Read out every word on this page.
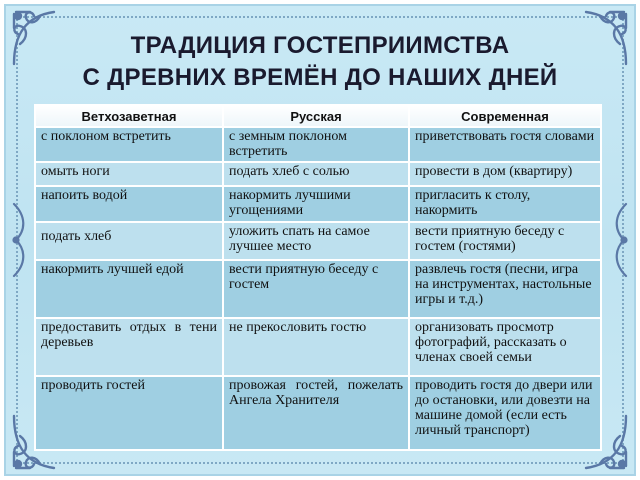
ТРАДИЦИЯ ГОСТЕПРИИМСТВА
С ДРЕВНИХ ВРЕМЁН ДО НАШИХ ДНЕЙ
Ветхозаветная	Русская	Современная
с поклоном встретить	с земным поклоном встретить	приветствовать гостя словами
омыть ноги	подать хлеб с солью	провести в дом (квартиру)
напоить водой	накормить лучшими угощениями	пригласить к столу, накормить
подать хлеб	уложить спать на самое лучшее место	вести приятную беседу с гостем (гостями)
накормить лучшей едой	вести приятную беседу с гостем	развлечь гостя (песни, игра на инструментах, настольные игры и т.д.)
предоставить отдых в тени деревьев	не прекословить гостю	организовать просмотр фотографий, рассказать о членах своей семьи
проводить гостей	провожая гостей, пожелать Ангела Хранителя	проводить гостя до двери или до остановки, или довезти на машине домой (если есть личный транспорт)
